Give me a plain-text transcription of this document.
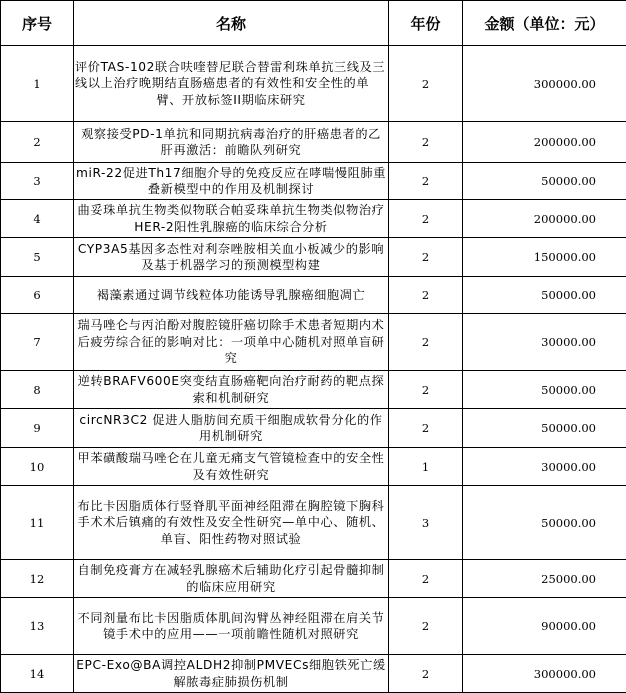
序号	名称	年份	金额（单位：元）
1	评价TAS-102联合呋喹替尼联合替雷利珠单抗三线及三线以上治疗晚期结直肠癌患者的有效性和安全性的单臂、开放标签II期临床研究	2	300000.00
2	观察接受PD-1单抗和同期抗病毒治疗的肝癌患者的乙肝再激活：前瞻队列研究	2	200000.00
3	miR-22促进Th17细胞介导的免疫反应在哮喘慢阻肺重叠新模型中的作用及机制探讨	2	50000.00
4	曲妥珠单抗生物类似物联合帕妥珠单抗生物类似物治疗HER-2阳性乳腺癌的临床综合分析	2	200000.00
5	CYP3A5基因多态性对利奈唑胺相关血小板减少的影响及基于机器学习的预测模型构建	2	150000.00
6	褐藻素通过调节线粒体功能诱导乳腺癌细胞凋亡	2	50000.00
7	瑞马唑仑与丙泊酚对腹腔镜肝癌切除手术患者短期内术后疲劳综合征的影响对比：一项单中心随机对照单盲研究	2	30000.00
8	逆转BRAFV600E突变结直肠癌靶向治疗耐药的靶点探索和机制研究	2	50000.00
9	circNR3C2 促进人脂肪间充质干细胞成软骨分化的作用机制研究	2	50000.00
10	甲苯磺酸瑞马唑仑在儿童无痛支气管镜检查中的安全性及有效性研究	1	30000.00
11	布比卡因脂质体行竖脊肌平面神经阻滞在胸腔镜下胸科手术术后镇痛的有效性及安全性研究—单中心、随机、单盲、阳性药物对照试验	3	50000.00
12	自制免疫膏方在减轻乳腺癌术后辅助化疗引起骨髓抑制的临床应用研究	2	25000.00
13	不同剂量布比卡因脂质体肌间沟臂丛神经阻滞在肩关节镜手术中的应用——一项前瞻性随机对照研究	2	90000.00
14	EPC-Exo@BA调控ALDH2抑制PMVECs细胞铁死亡缓解脓毒症肺损伤机制	2	300000.00
